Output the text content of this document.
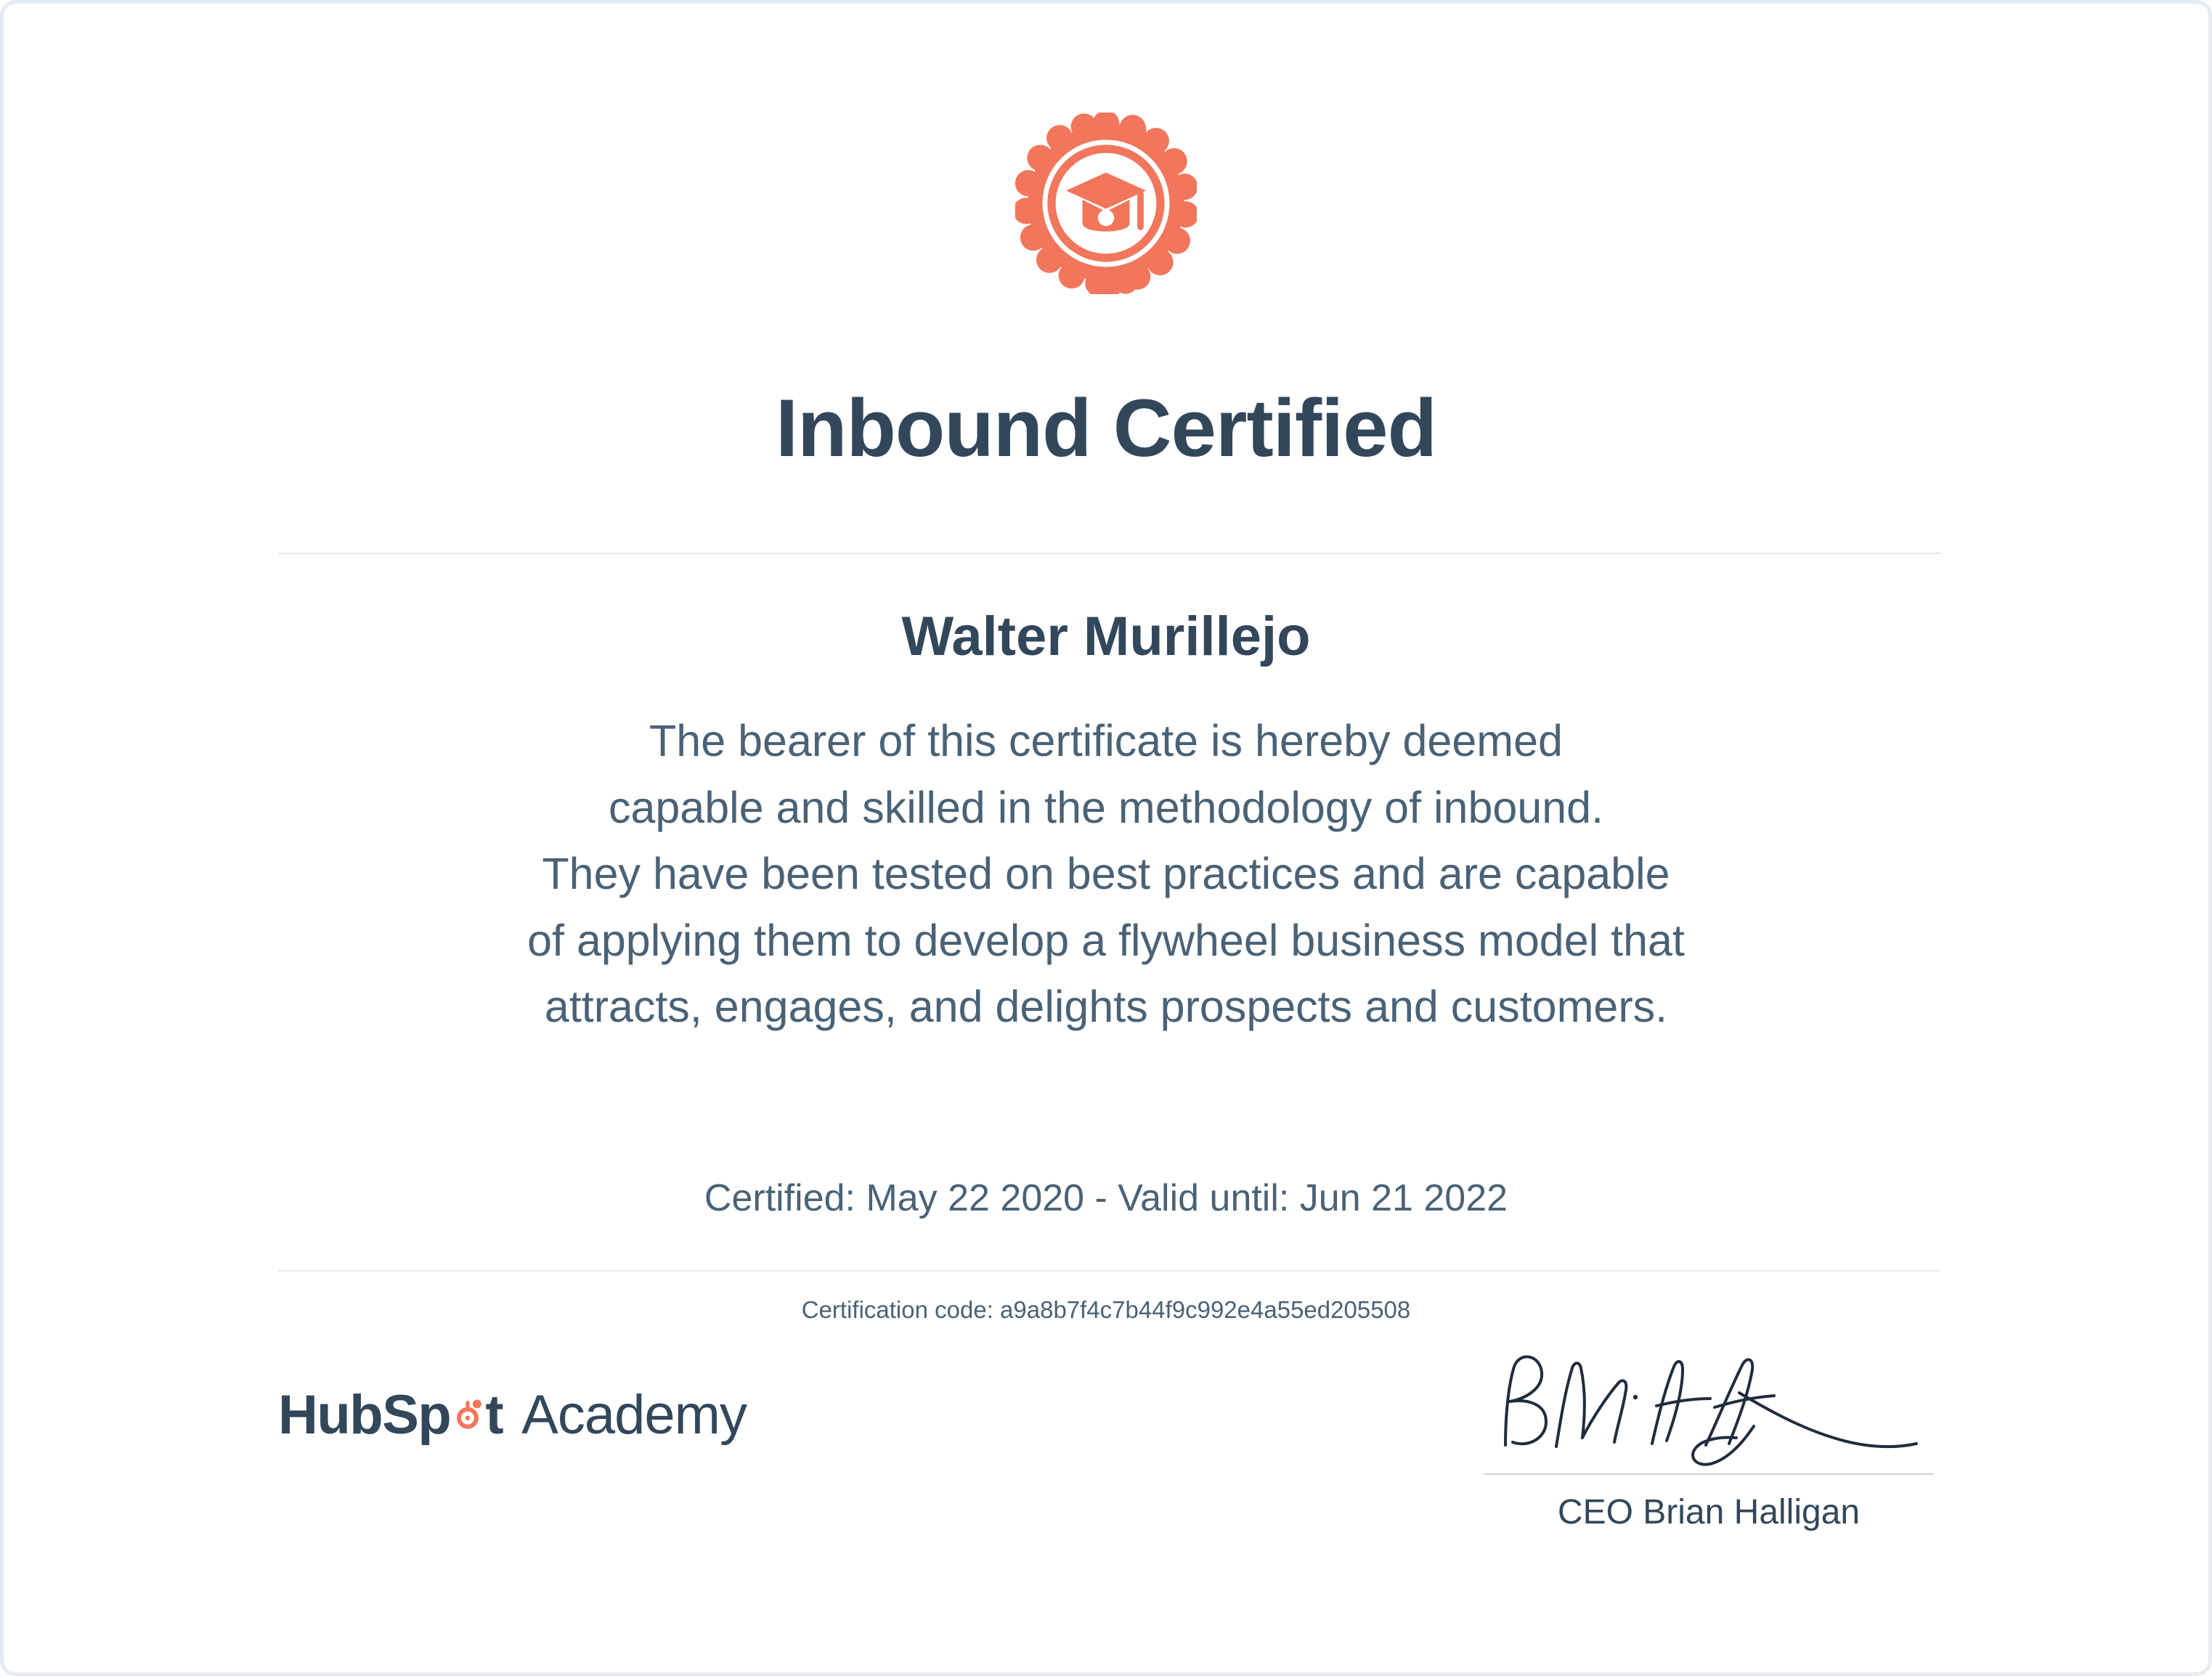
Inbound Certified
Walter Murillejo
The bearer of this certificate is hereby deemed
capable and skilled in the methodology of inbound.
They have been tested on best practices and are capable
of applying them to develop a flywheel business model that
attracts, engages, and delights prospects and customers.
Certified: May 22 2020 - Valid until: Jun 21 2022
Certification code: a9a8b7f4c7b44f9c992e4a55ed205508
HubSp t Academy
CEO Brian Halligan
